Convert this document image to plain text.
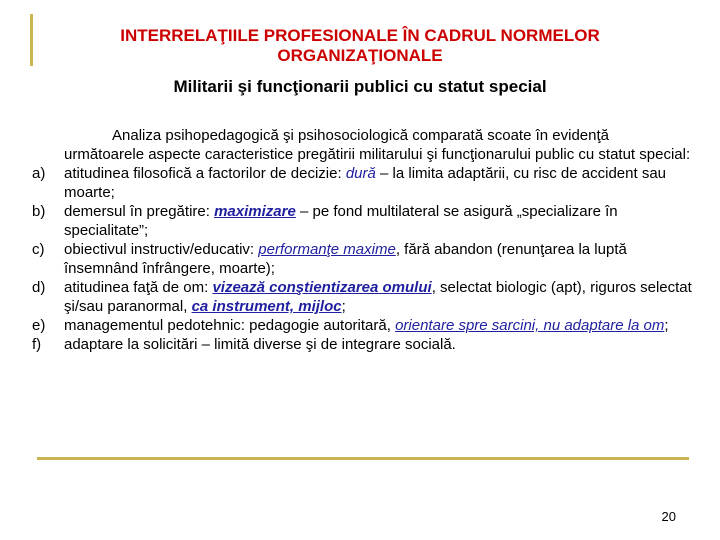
INTERRELAŢIILE PROFESIONALE ÎN CADRUL NORMELOR ORGANIZAŢIONALE
Militarii şi funcţionarii publici cu statut special

Analiza psihopedagogică şi psihosociologică comparată scoate în evidenţă următoarele aspecte caracteristice pregătirii militarului şi funcţionarului public cu statut special:

a) atitudinea filosofică a factorilor de decizie: dură – la limita adaptării, cu risc de accident sau moarte;
b) demersul în pregătire: maximizare – pe fond multilateral se asigură „specializare în specialitate”;
c) obiectivul instructiv/educativ: performanţe maxime, fără abandon (renunţarea la luptă însemnând înfrângere, moarte);
d) atitudinea faţă de om: vizează conştientizarea omului, selectat biologic (apt), riguros selectat şi/sau paranormal, ca instrument, mijloc;
e) managementul pedotehnic: pedagogie autoritară, orientare spre sarcini, nu adaptare la om;
f) adaptare la solicitări – limită diverse şi de integrare socială.
20
